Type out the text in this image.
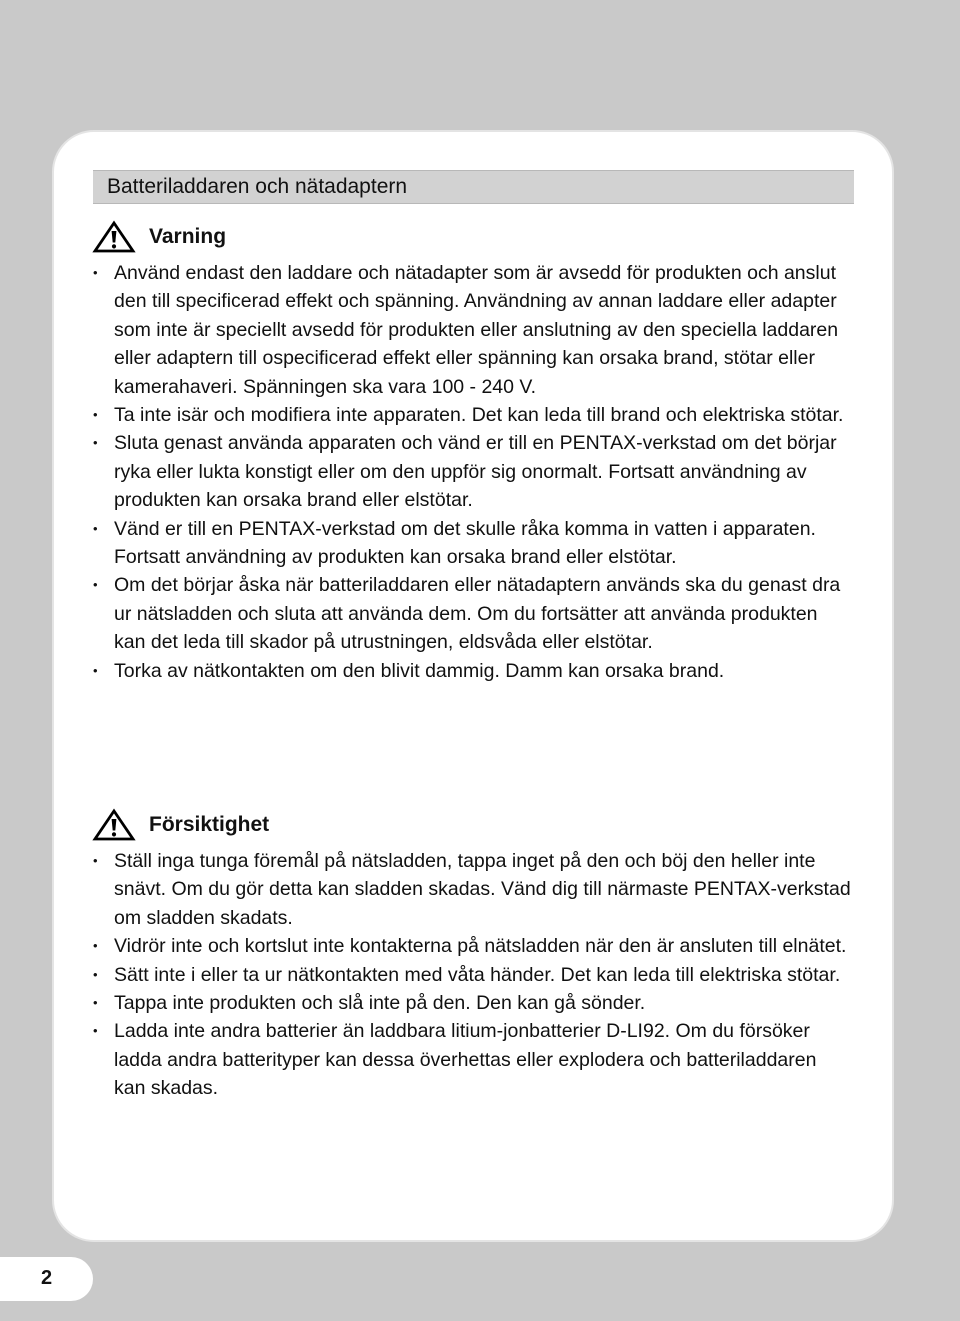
Batteriladdaren och nätadaptern
Varning
• Använd endast den laddare och nätadapter som är avsedd för produkten och anslut den till specificerad effekt och spänning. Användning av annan laddare eller adapter som inte är speciellt avsedd för produkten eller anslutning av den speciella laddaren eller adaptern till ospecificerad effekt eller spänning kan orsaka brand, stötar eller kamerahaveri. Spänningen ska vara 100 - 240 V.
• Ta inte isär och modifiera inte apparaten. Det kan leda till brand och elektriska stötar.
• Sluta genast använda apparaten och vänd er till en PENTAX-verkstad om det börjar ryka eller lukta konstigt eller om den uppför sig onormalt. Fortsatt användning av produkten kan orsaka brand eller elstötar.
• Vänd er till en PENTAX-verkstad om det skulle råka komma in vatten i apparaten. Fortsatt användning av produkten kan orsaka brand eller elstötar.
• Om det börjar åska när batteriladdaren eller nätadaptern används ska du genast dra ur nätsladden och sluta att använda dem. Om du fortsätter att använda produkten kan det leda till skador på utrustningen, eldsvåda eller elstötar.
• Torka av nätkontakten om den blivit dammig. Damm kan orsaka brand.
Försiktighet
• Ställ inga tunga föremål på nätsladden, tappa inget på den och böj den heller inte snävt. Om du gör detta kan sladden skadas. Vänd dig till närmaste PENTAX-verkstad om sladden skadats.
• Vidrör inte och kortslut inte kontakterna på nätsladden när den är ansluten till elnätet.
• Sätt inte i eller ta ur nätkontakten med våta händer. Det kan leda till elektriska stötar.
• Tappa inte produkten och slå inte på den. Den kan gå sönder.
• Ladda inte andra batterier än laddbara litium-jonbatterier D-LI92. Om du försöker ladda andra batterityper kan dessa överhettas eller explodera och batteriladdaren kan skadas.
2
